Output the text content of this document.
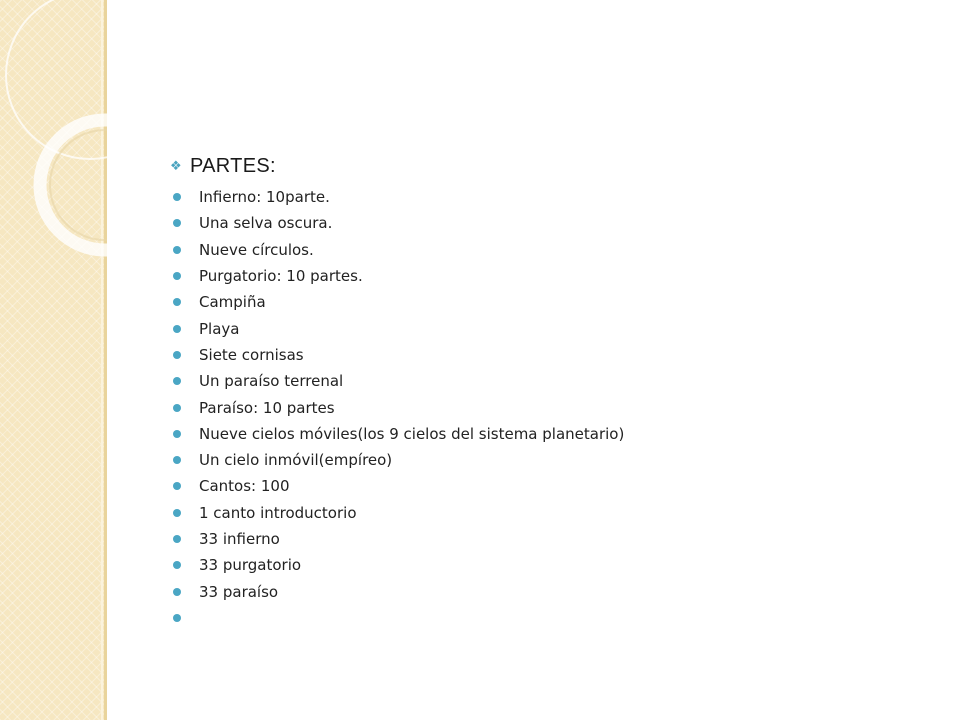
❖ PARTES:
Infierno: 10parte.
Una selva oscura.
Nueve círculos.
Purgatorio: 10 partes.
Campiña
Playa
Siete cornisas
Un paraíso terrenal
Paraíso: 10 partes
Nueve cielos móviles(los 9 cielos del sistema planetario)
Un cielo inmóvil(empíreo)
Cantos: 100
1 canto introductorio
33 infierno
33 purgatorio
33 paraíso
